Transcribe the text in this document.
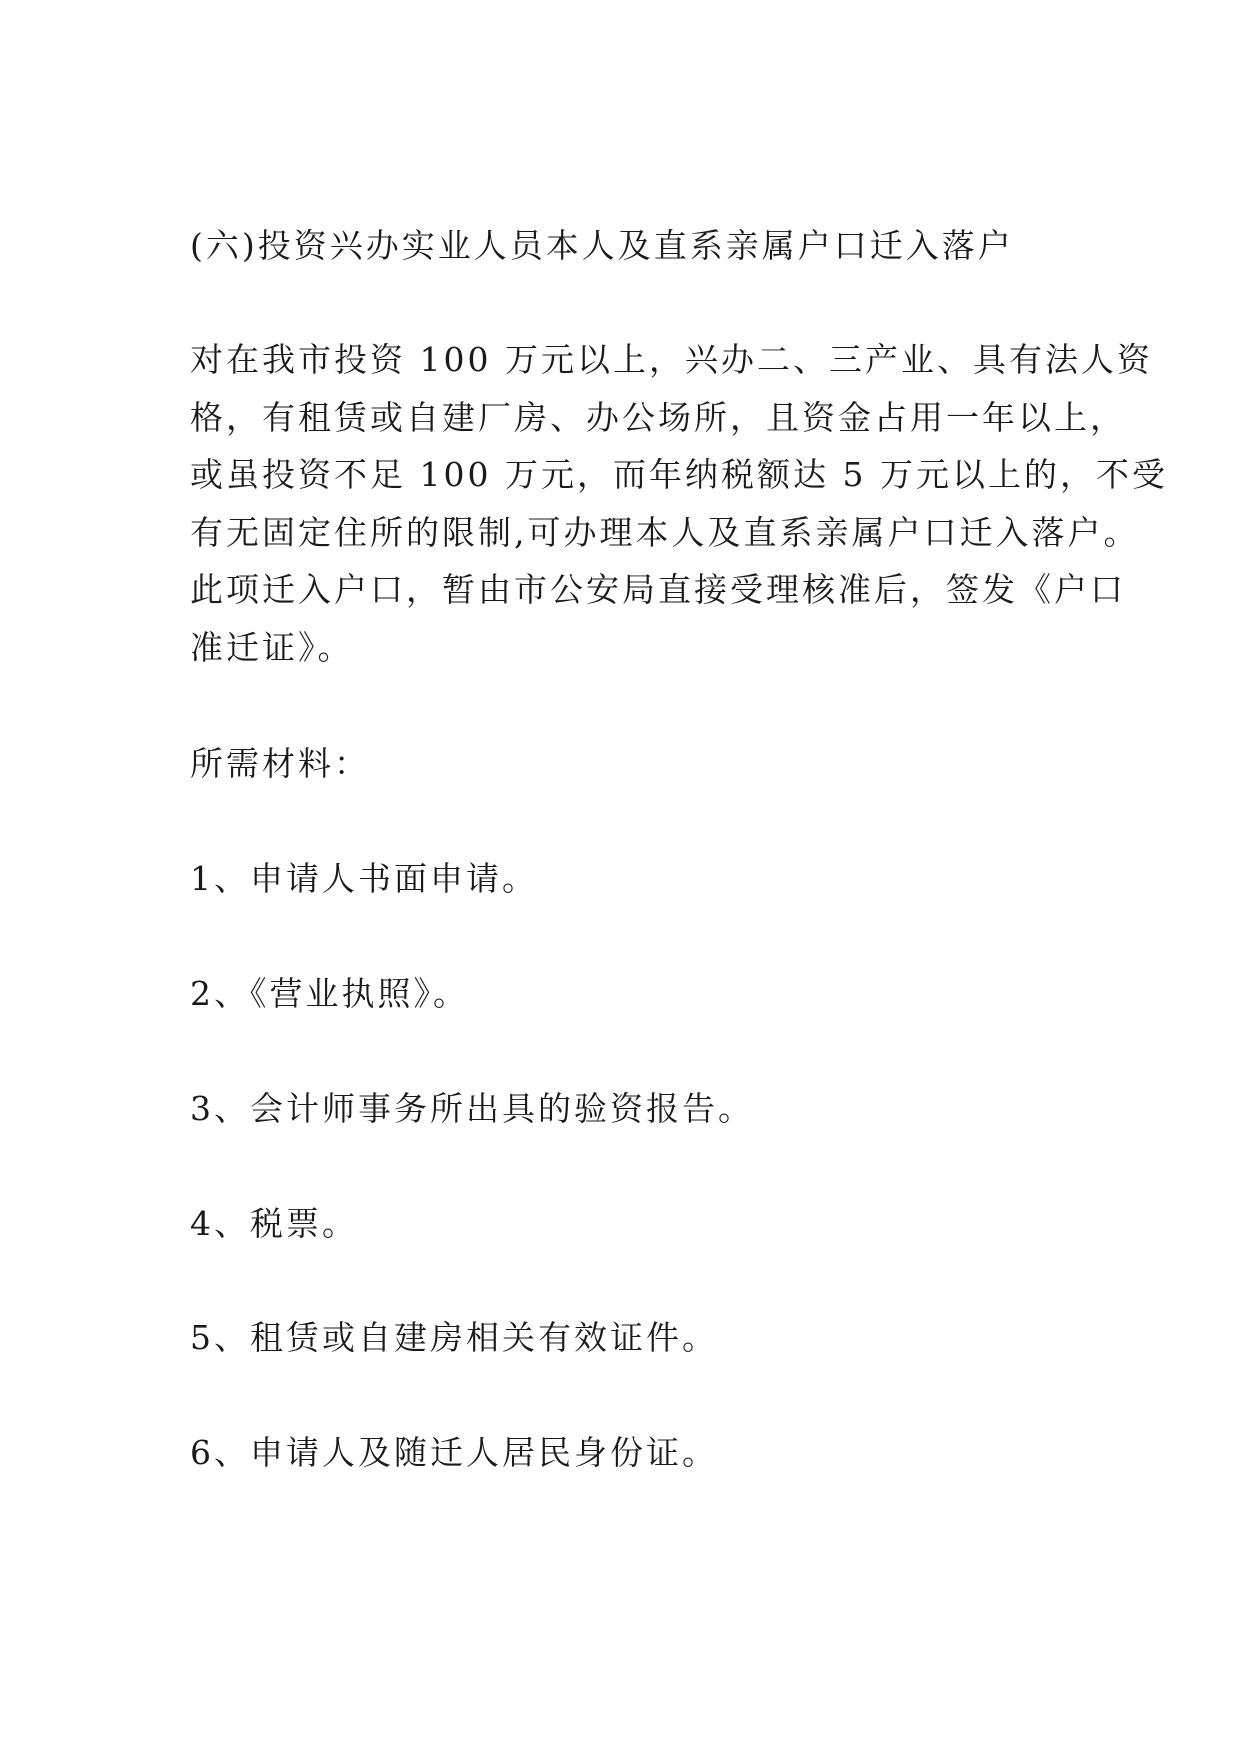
(六)投资兴办实业人员本人及直系亲属户口迁入落户

对在我市投资 100 万元以上，兴办二、三产业、具有法人资
格，有租赁或自建厂房、办公场所，且资金占用一年以上，
或虽投资不足 100 万元，而年纳税额达 5 万元以上的，不受
有无固定住所的限制,可办理本人及直系亲属户口迁入落户。
此项迁入户口，暂由市公安局直接受理核准后，签发《户口
准迁证》。

所需材料：

1、申请人书面申请。

2、《营业执照》。

3、会计师事务所出具的验资报告。

4、税票。

5、租赁或自建房相关有效证件。

6、申请人及随迁人居民身份证。
